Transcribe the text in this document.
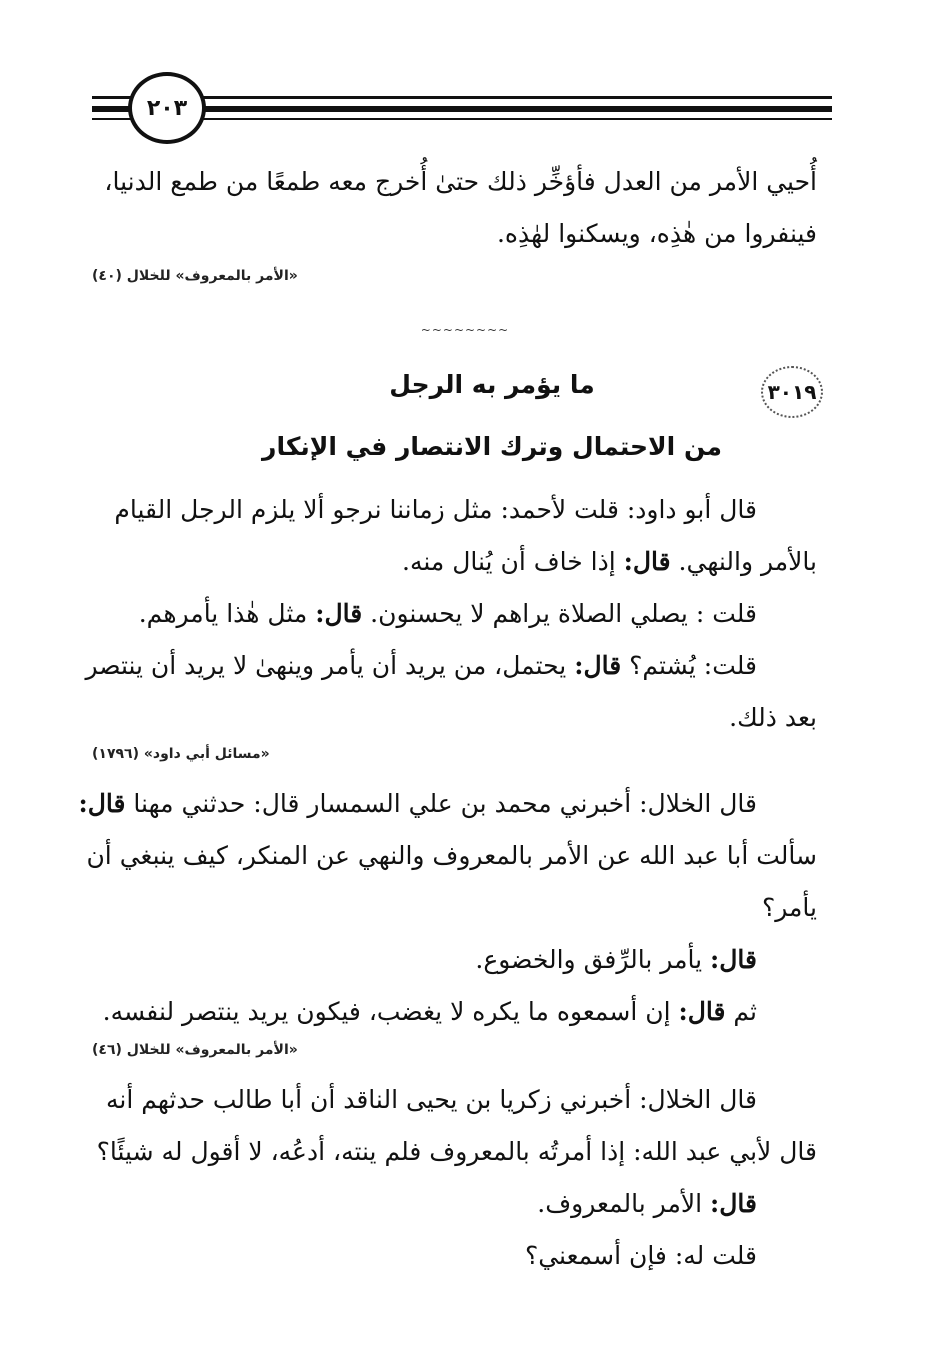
٢٠٣
أُحيي الأمر من العدل فأؤخِّر ذلك حتىٰ أُخرج معه طمعًا من طمع الدنيا،
فينفروا من هٰذِه، ويسكنوا لهٰذِه.
«الأمر بالمعروف» للخلال (٤٠)
~~~~~~~~
٣٠١٩
ما يؤمر به الرجل
من الاحتمال وترك الانتصار في الإنكار
قال أبو داود: قلت لأحمد: مثل زماننا نرجو ألا يلزم الرجل القيام
بالأمر والنهي. قال: إذا خاف أن يُنال منه.
قلت : يصلي الصلاة يراهم لا يحسنون. قال: مثل هٰذا يأمرهم.
قلت: يُشتم؟ قال: يحتمل، من يريد أن يأمر وينهىٰ لا يريد أن ينتصر
بعد ذلك.
«مسائل أبي داود» (١٧٩٦)
قال الخلال: أخبرني محمد بن علي السمسار قال: حدثني مهنا قال:
سألت أبا عبد الله عن الأمر بالمعروف والنهي عن المنكر، كيف ينبغي أن
يأمر؟
قال: يأمر بالرِّفق والخضوع.
ثم قال: إن أسمعوه ما يكره لا يغضب، فيكون يريد ينتصر لنفسه.
«الأمر بالمعروف» للخلال (٤٦)
قال الخلال: أخبرني زكريا بن يحيى الناقد أن أبا طالب حدثهم أنه
قال لأبي عبد الله: إذا أمرتُه بالمعروف فلم ينته، أدعُه، لا أقول له شيئًا؟
قال: الأمر بالمعروف.
قلت له: فإن أسمعني؟
